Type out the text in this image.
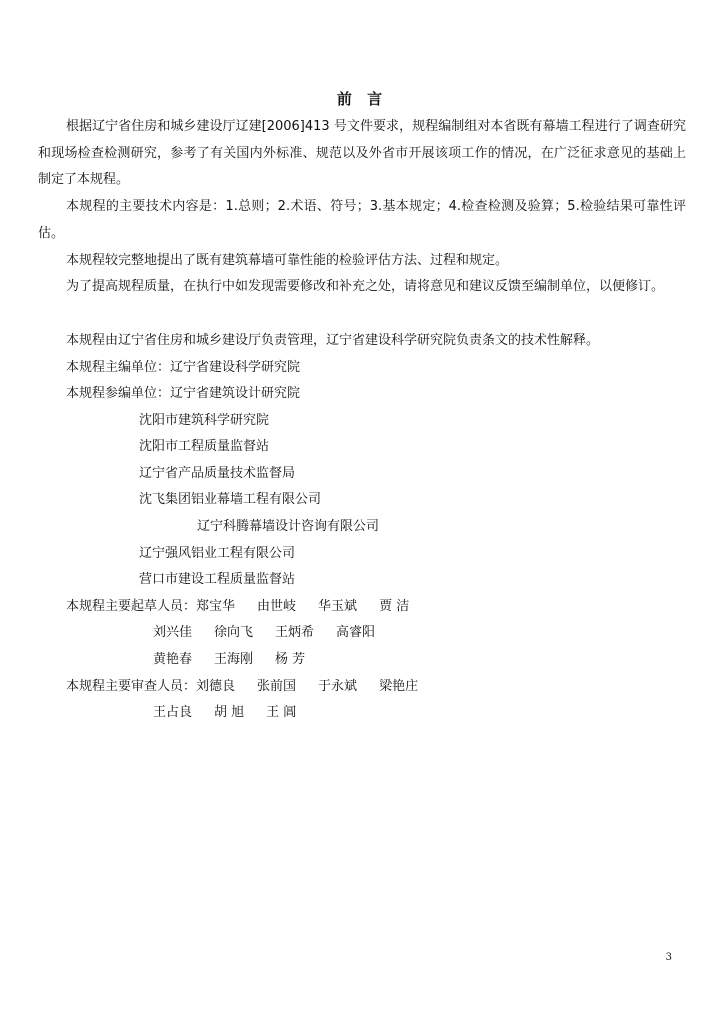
前 言

根据辽宁省住房和城乡建设厅辽建[2006]413 号文件要求，规程编制组对本省既有幕墙工程进行了调查研究和现场检查检测研究，参考了有关国内外标准、规范以及外省市开展该项工作的情况，在广泛征求意见的基础上制定了本规程。

本规程的主要技术内容是：1.总则；2.术语、符号；3.基本规定；4.检查检测及验算；5.检验结果可靠性评估。

本规程较完整地提出了既有建筑幕墙可靠性能的检验评估方法、过程和规定。

为了提高规程质量，在执行中如发现需要修改和补充之处，请将意见和建议反馈至编制单位，以便修订。

本规程由辽宁省住房和城乡建设厅负责管理，辽宁省建设科学研究院负责条文的技术性解释。

本规程主编单位：辽宁省建设科学研究院
本规程参编单位：辽宁省建筑设计研究院
沈阳市建筑科学研究院
沈阳市工程质量监督站
辽宁省产品质量技术监督局
沈飞集团铝业幕墙工程有限公司
辽宁科腾幕墙设计咨询有限公司
辽宁强风铝业工程有限公司
营口市建设工程质量监督站
本规程主要起草人员：郑宝华 由世岐 华玉斌 贾 洁
刘兴佳 徐向飞 王炳希 高睿阳
黄艳春 王海刚 杨 芳
本规程主要审查人员：刘德良 张前国 于永斌 梁艳庄
王占良 胡 旭 王 阊
3
